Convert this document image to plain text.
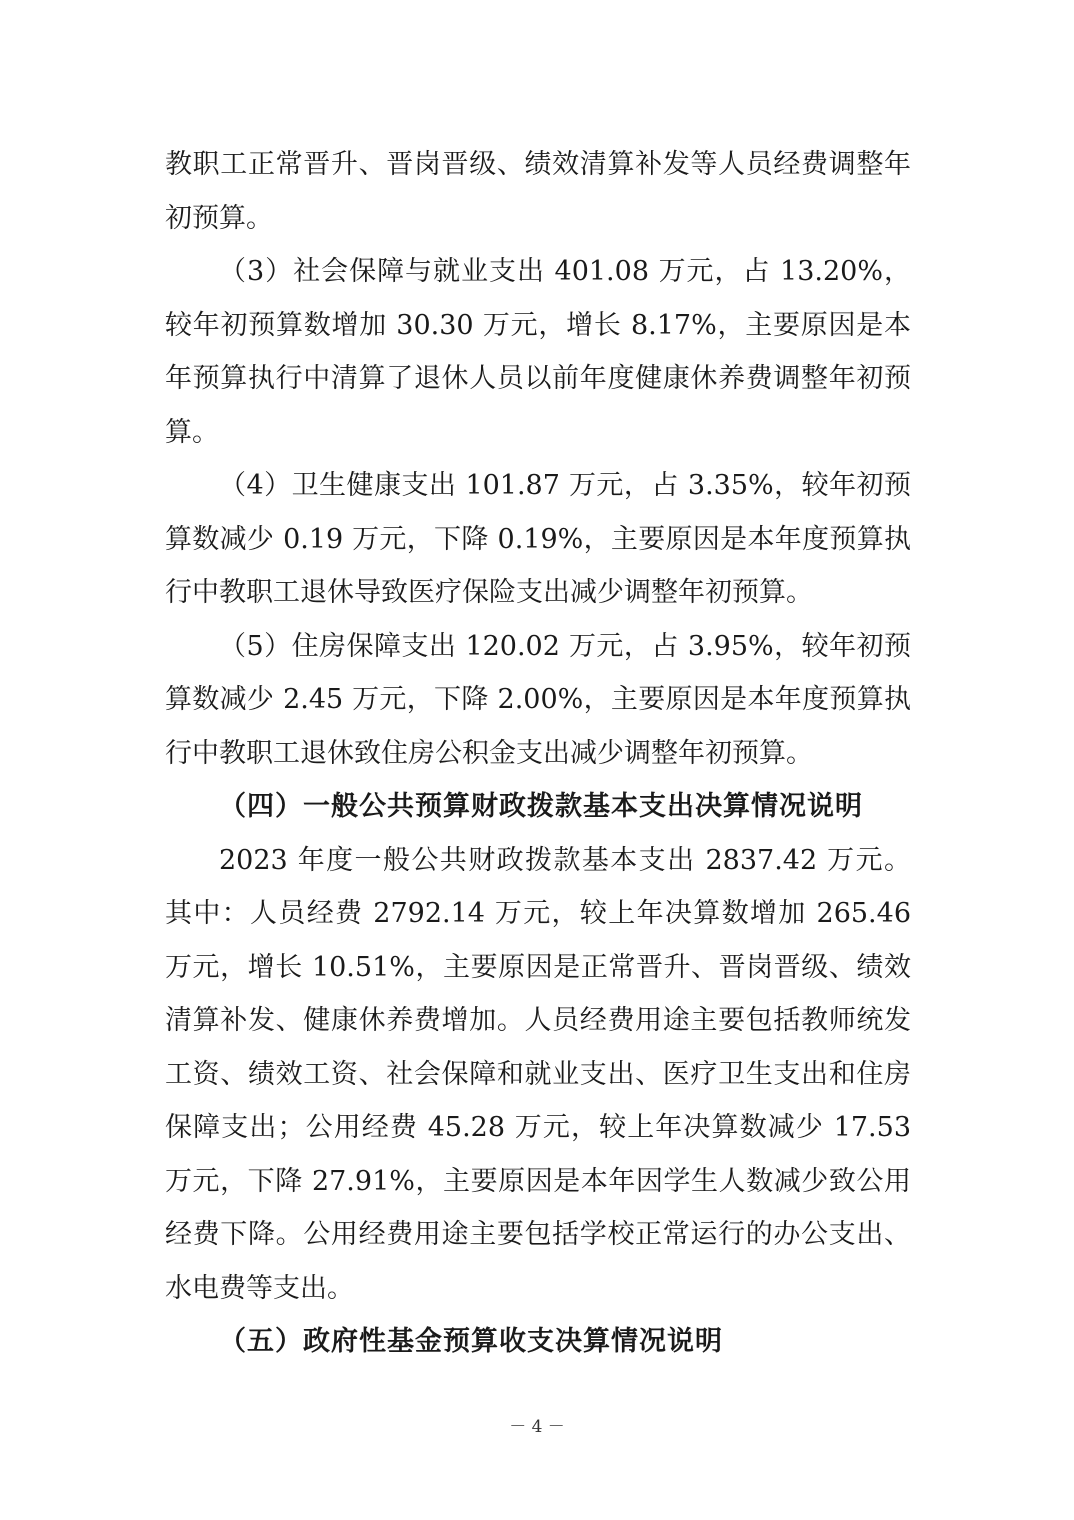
教职工正常晋升、晋岗晋级、绩效清算补发等人员经费调整年初预算。

（3）社会保障与就业支出 401.08 万元，占 13.20%，较年初预算数增加 30.30 万元，增长 8.17%，主要原因是本年预算执行中清算了退休人员以前年度健康休养费调整年初预算。

（4）卫生健康支出 101.87 万元，占 3.35%，较年初预算数减少 0.19 万元，下降 0.19%，主要原因是本年度预算执行中教职工退休导致医疗保险支出减少调整年初预算。

（5）住房保障支出 120.02 万元，占 3.95%，较年初预算数减少 2.45 万元，下降 2.00%，主要原因是本年度预算执行中教职工退休致住房公积金支出减少调整年初预算。

（四）一般公共预算财政拨款基本支出决算情况说明

2023 年度一般公共财政拨款基本支出 2837.42 万元。其中：人员经费 2792.14 万元，较上年决算数增加 265.46 万元，增长 10.51%，主要原因是正常晋升、晋岗晋级、绩效清算补发、健康休养费增加。人员经费用途主要包括教师统发工资、绩效工资、社会保障和就业支出、医疗卫生支出和住房保障支出；公用经费 45.28 万元，较上年决算数减少 17.53 万元，下降 27.91%，主要原因是本年因学生人数减少致公用经费下降。公用经费用途主要包括学校正常运行的办公支出、水电费等支出。

（五）政府性基金预算收支决算情况说明

－ 4 －
